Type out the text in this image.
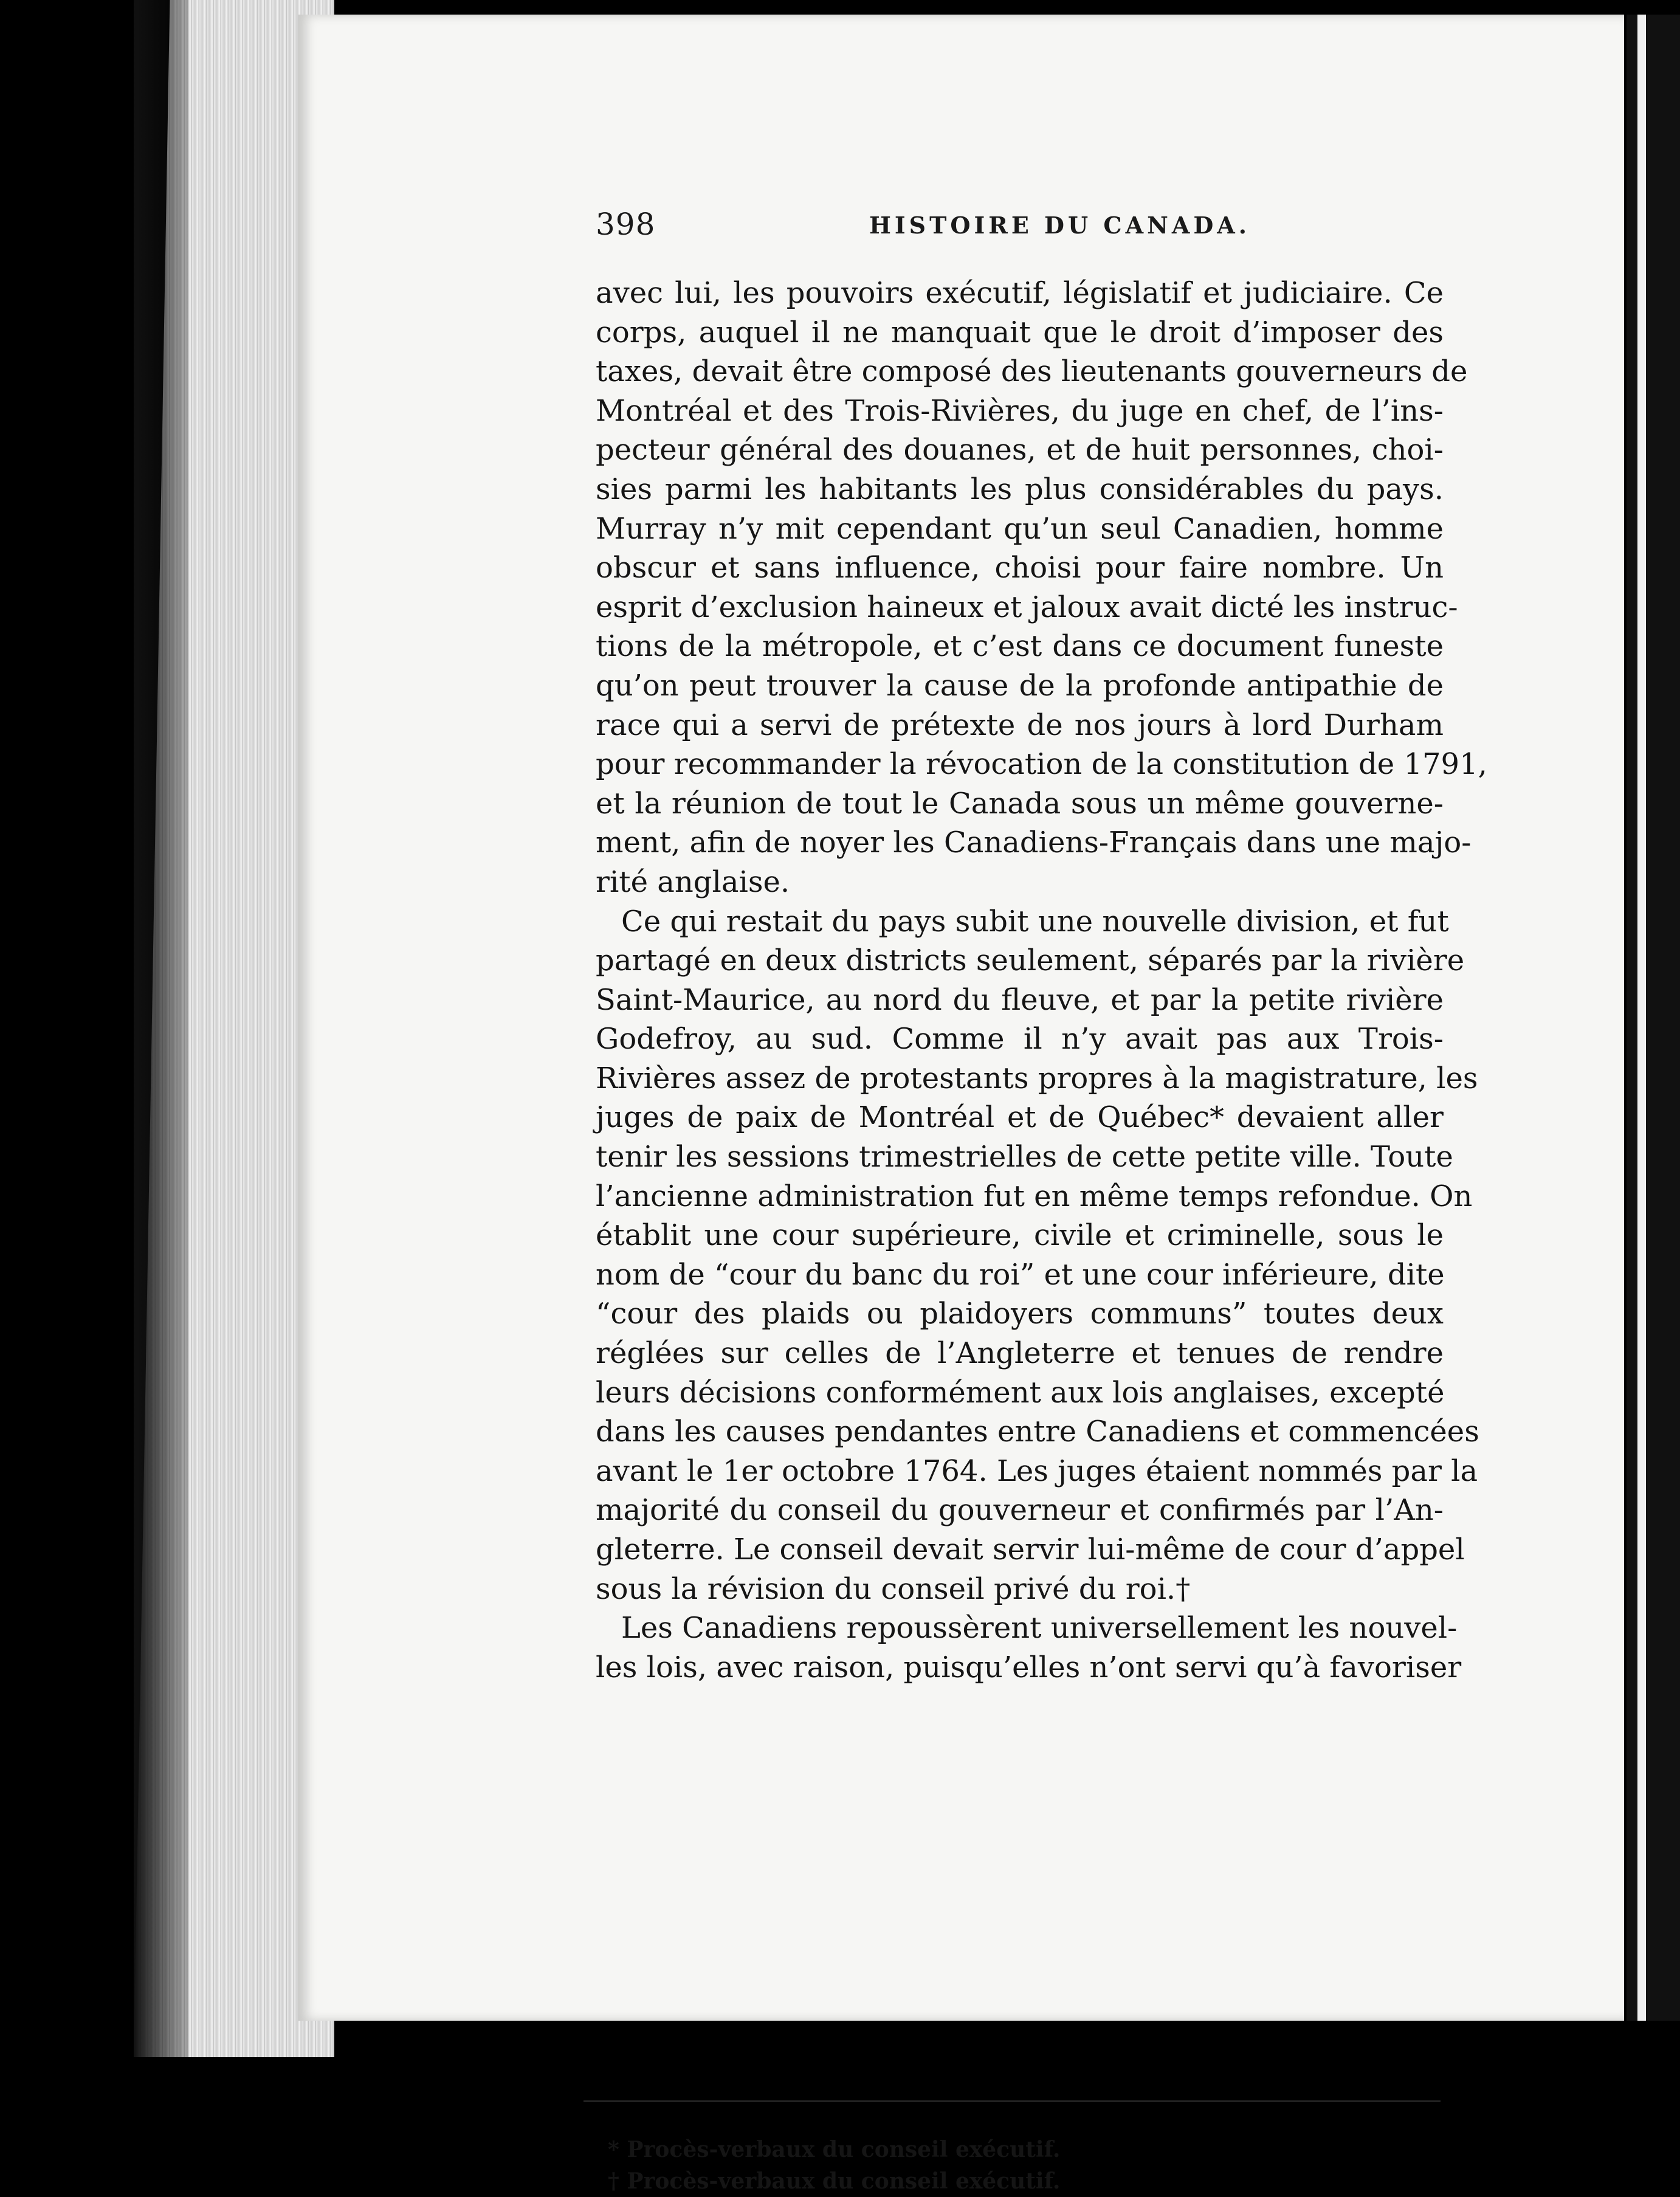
398	HISTOIRE DU CANADA.
avec lui, les pouvoirs exécutif, législatif et judiciaire. Ce
corps, auquel il ne manquait que le droit d’imposer des
taxes, devait être composé des lieutenants gouverneurs de
Montréal et des Trois-Rivières, du juge en chef, de l’ins-
pecteur général des douanes, et de huit personnes, choi-
sies parmi les habitants les plus considérables du pays.
Murray n’y mit cependant qu’un seul Canadien, homme
obscur et sans influence, choisi pour faire nombre. Un
esprit d’exclusion haineux et jaloux avait dicté les instruc-
tions de la métropole, et c’est dans ce document funeste
qu’on peut trouver la cause de la profonde antipathie de
race qui a servi de prétexte de nos jours à lord Durham
pour recommander la révocation de la constitution de 1791,
et la réunion de tout le Canada sous un même gouverne-
ment, afin de noyer les Canadiens-Français dans une majo-
rité anglaise.
Ce qui restait du pays subit une nouvelle division, et fut
partagé en deux districts seulement, séparés par la rivière
Saint-Maurice, au nord du fleuve, et par la petite rivière
Godefroy, au sud. Comme il n’y avait pas aux Trois-
Rivières assez de protestants propres à la magistrature, les
juges de paix de Montréal et de Québec* devaient aller
tenir les sessions trimestrielles de cette petite ville. Toute
l’ancienne administration fut en même temps refondue. On
établit une cour supérieure, civile et criminelle, sous le
nom de “cour du banc du roi” et une cour inférieure, dite
“cour des plaids ou plaidoyers communs” toutes deux
réglées sur celles de l’Angleterre et tenues de rendre
leurs décisions conformément aux lois anglaises, excepté
dans les causes pendantes entre Canadiens et commencées
avant le 1er octobre 1764. Les juges étaient nommés par la
majorité du conseil du gouverneur et confirmés par l’An-
gleterre. Le conseil devait servir lui-même de cour d’appel
sous la révision du conseil privé du roi.†
Les Canadiens repoussèrent universellement les nouvel-
les lois, avec raison, puisqu’elles n’ont servi qu’à favoriser
* Procès-verbaux du conseil exécutif.
† Procès-verbaux du conseil exécutif.
